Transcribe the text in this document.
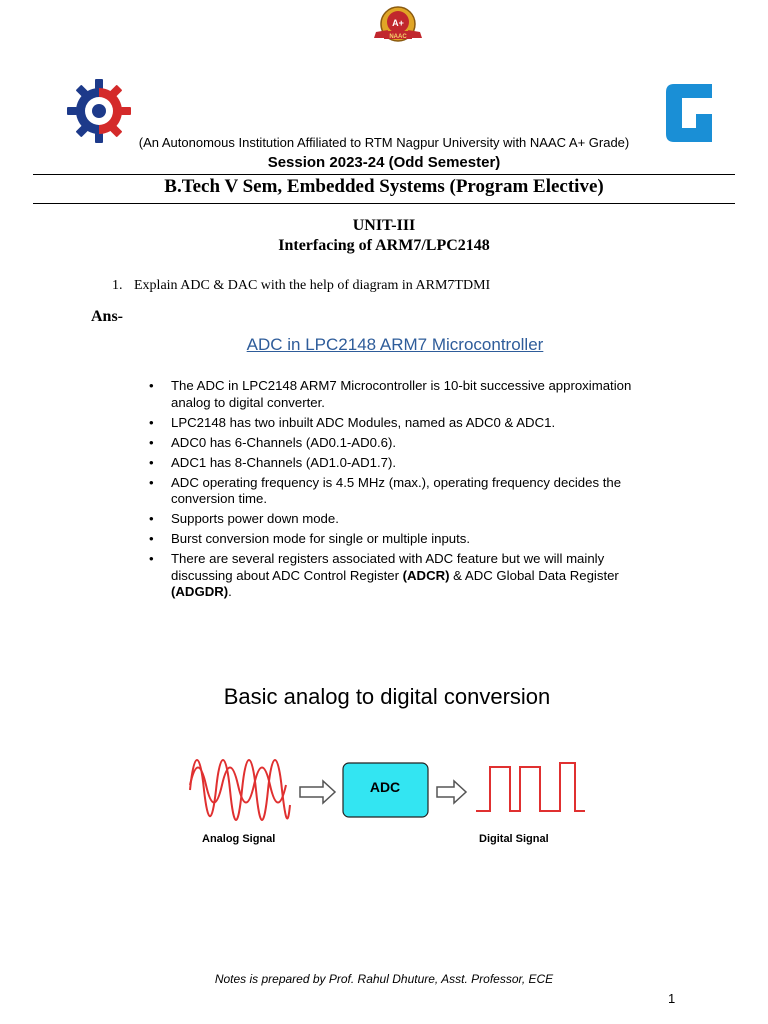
A+
NAAC
(An Autonomous Institution Affiliated to RTM Nagpur University with NAAC A+ Grade)
Session 2023-24 (Odd Semester)
B.Tech V Sem, Embedded Systems (Program Elective)
UNIT-III
Interfacing of ARM7/LPC2148
1. Explain ADC & DAC with the help of diagram in ARM7TDMI
Ans-
ADC in LPC2148 ARM7 Microcontroller
• The ADC in LPC2148 ARM7 Microcontroller is 10-bit successive approximation analog to digital converter.
• LPC2148 has two inbuilt ADC Modules, named as ADC0 & ADC1.
• ADC0 has 6-Channels (AD0.1-AD0.6).
• ADC1 has 8-Channels (AD1.0-AD1.7).
• ADC operating frequency is 4.5 MHz (max.), operating frequency decides the conversion time.
• Supports power down mode.
• Burst conversion mode for single or multiple inputs.
• There are several registers associated with ADC feature but we will mainly discussing about ADC Control Register (ADCR) & ADC Global Data Register (ADGDR).
Basic analog to digital conversion
ADC
Analog Signal	Digital Signal
Notes is prepared by Prof. Rahul Dhuture, Asst. Professor, ECE
1
